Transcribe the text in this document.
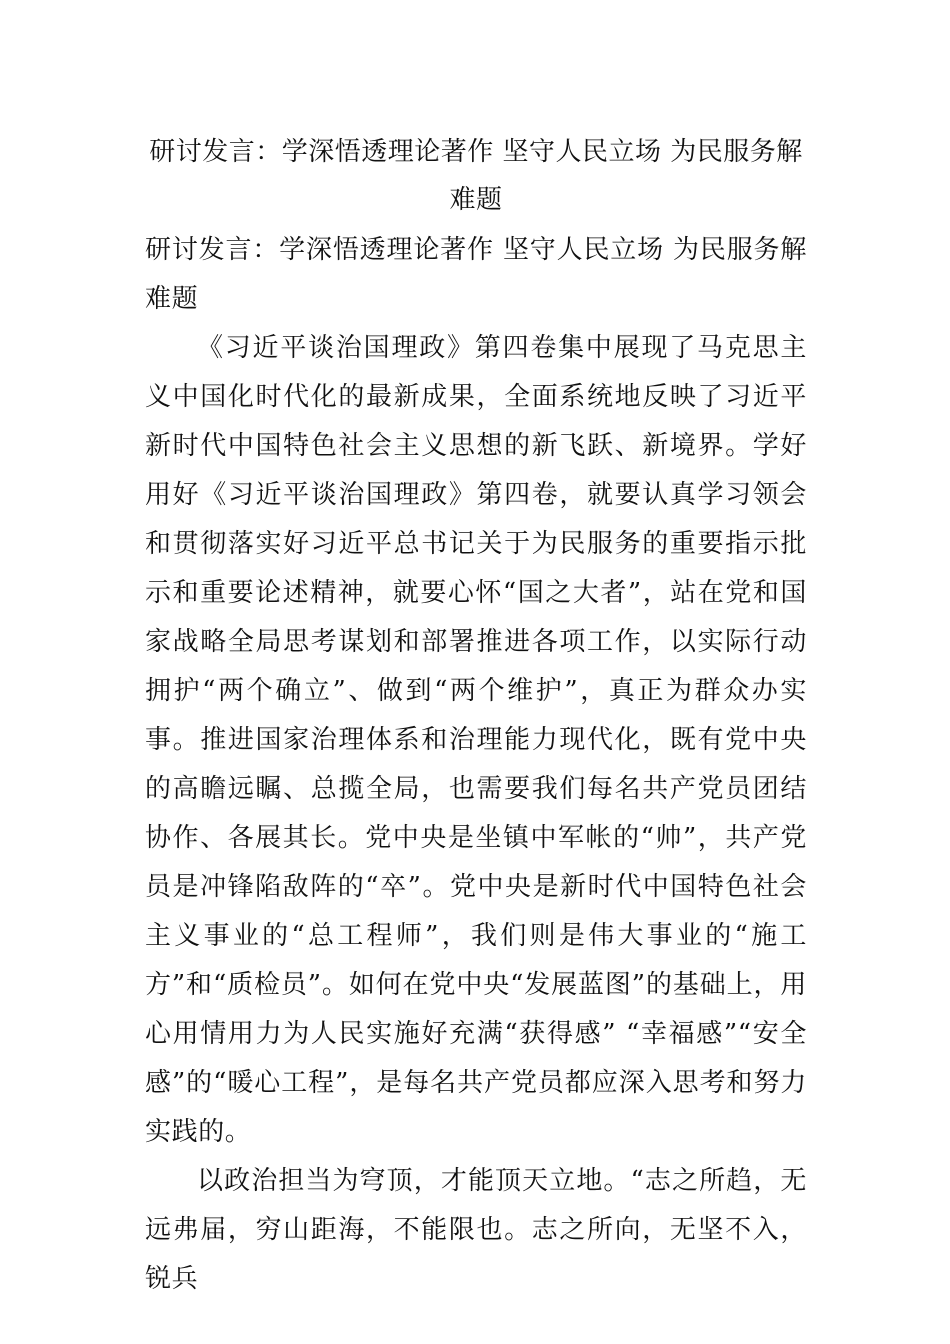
研讨发言：学深悟透理论著作 坚守人民立场 为民服务解难题

研讨发言：学深悟透理论著作 坚守人民立场 为民服务解难题

《习近平谈治国理政》第四卷集中展现了马克思主义中国化时代化的最新成果，全面系统地反映了习近平新时代中国特色社会主义思想的新飞跃、新境界。学好用好《习近平谈治国理政》第四卷，就要认真学习领会和贯彻落实好习近平总书记关于为民服务的重要指示批示和重要论述精神，就要心怀“国之大者”，站在党和国家战略全局思考谋划和部署推进各项工作，以实际行动拥护“两个确立”、做到“两个维护”，真正为群众办实事。推进国家治理体系和治理能力现代化，既有党中央的高瞻远瞩、总揽全局，也需要我们每名共产党员团结协作、各展其长。党中央是坐镇中军帐的“帅”，共产党员是冲锋陷敌阵的“卒”。党中央是新时代中国特色社会主义事业的“总工程师”，我们则是伟大事业的“施工方”和“质检员”。如何在党中央“发展蓝图”的基础上，用心用情用力为人民实施好充满“获得感” “幸福感”“安全感”的“暖心工程”，是每名共产党员都应深入思考和努力实践的。

以政治担当为穹顶，才能顶天立地。“志之所趋，无远弗届，穷山距海，不能限也。志之所向，无坚不入，锐兵
